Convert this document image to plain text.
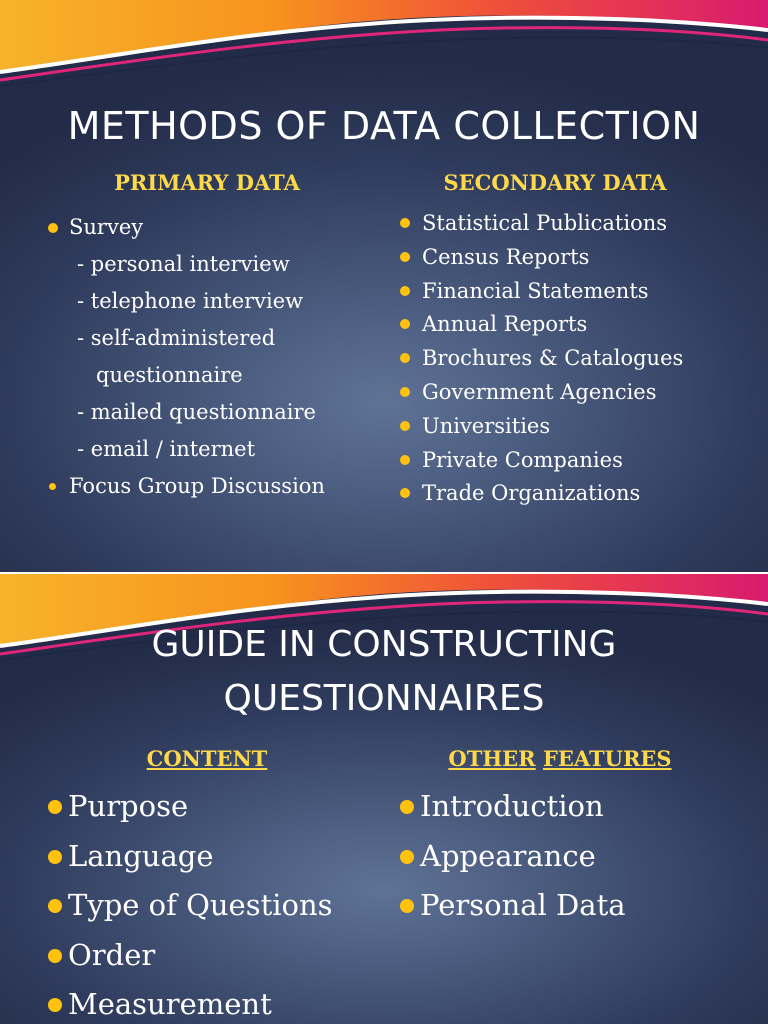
METHODS OF DATA COLLECTION
PRIMARY DATA	SECONDARY DATA
Survey
- personal interview
- telephone interview
- self-administered
questionnaire
- mailed questionnaire
- email / internet
Focus Group Discussion
Statistical Publications
Census Reports
Financial Statements
Annual Reports
Brochures & Catalogues
Government Agencies
Universities
Private Companies
Trade Organizations
GUIDE IN CONSTRUCTING
QUESTIONNAIRES
CONTENT	OTHER FEATURES
Purpose
Language
Type of Questions
Order
Measurement
Introduction
Appearance
Personal Data
